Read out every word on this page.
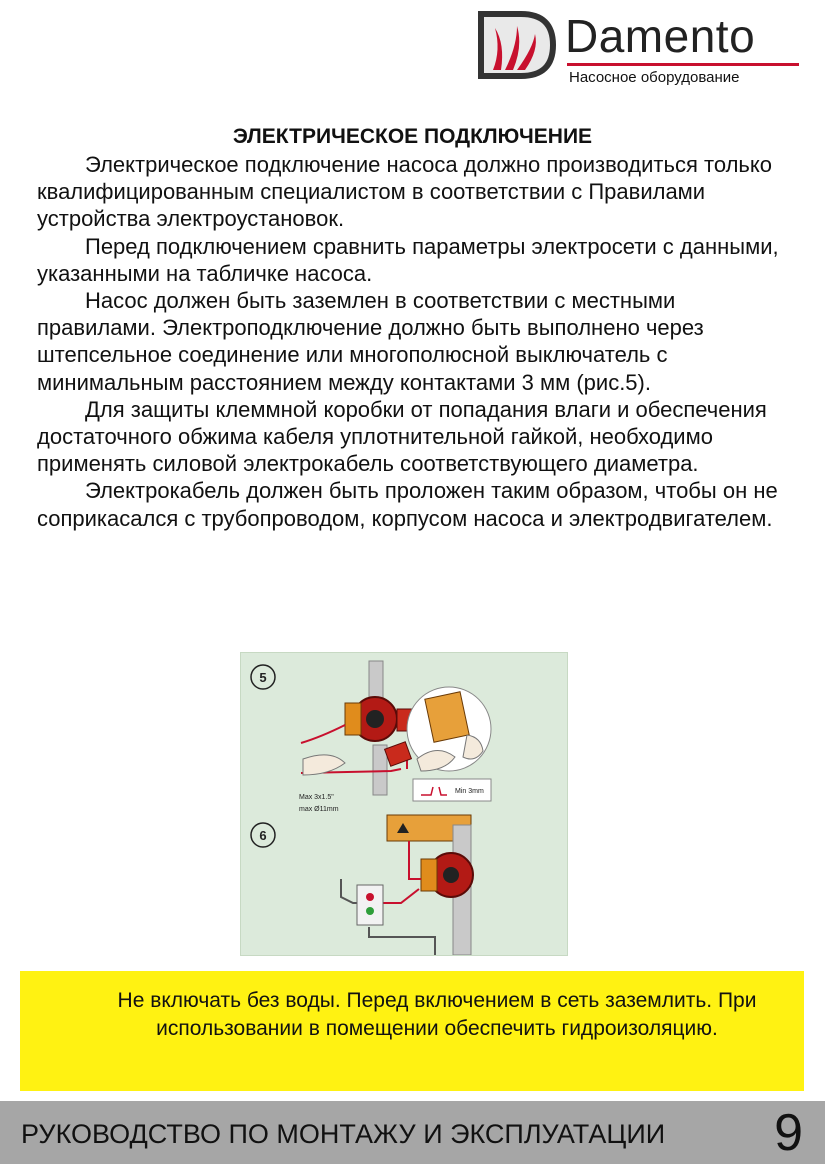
Damento
Насосное оборудование
ЭЛЕКТРИЧЕСКОЕ ПОДКЛЮЧЕНИЕ

Электрическое подключение насоса должно производиться только квалифицированным специалистом в соответствии с Правилами устройства электроустановок.

Перед подключением сравнить параметры электросети с данными, указанными на табличке насоса.

Насос должен быть заземлен в соответствии с местными правилами. Электроподключение должно быть выполнено через штепсельное соединение или многополюсной выключатель с минимальным расстоянием между контактами 3 мм (рис.5).

Для защиты клеммной коробки от попадания влаги и обеспечения достаточного обжима кабеля уплотнительной гайкой, необходимо применять силовой электрокабель соответствующего диаметра.

Электрокабель должен быть проложен таким образом, чтобы он не соприкасался с трубопроводом, корпусом насоса и электродвигателем.

5
Min 3mm
Max 3x1.5"
max Ø11mm
6
Не включать без воды. Перед включением в сеть заземлить. При использовании в помещении обеспечить гидроизоляцию.
РУКОВОДСТВО ПО МОНТАЖУ И ЭКСПЛУАТАЦИИ 9
